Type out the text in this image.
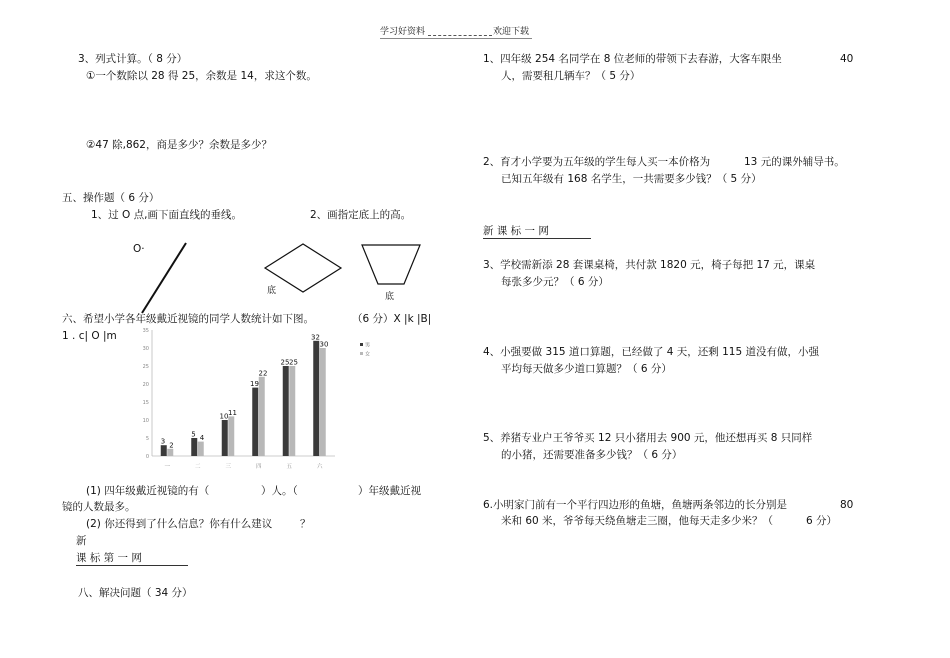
学习好资料	欢迎下载
3、列式计算。（ 8 分）
①一个数除以 28 得 25，余数是 14，求这个数。
②47 除,862，商是多少？余数是多少？
五、操作题（ 6 分）
1、过 O 点,画下面直线的垂线。	2、画指定底上的高。
O·
底
底
六、希望小学各年级戴近视镜的同学人数统计如下图。	（6 分）X |k |B|
1 . c| O |m
0
5
10
15
20
25
30
35
一
3 2
二
5 4
三
10 11
四
19
22
五
25 25
六
32
30	男
女
(1) 四年级戴近视镜的有（	）人。（	）年级戴近视
镜的人数最多。
(2) 你还得到了什么信息？你有什么建议	？
新
课 标 第 一 网
八、解决问题（ 34 分）
1、四年级 254 名同学在 8 位老师的带领下去春游，大客车限坐	40
人，需要租几辆车？（ 5 分）
2、育才小学要为五年级的学生每人买一本价格为	13 元的课外辅导书。
已知五年级有 168 名学生，一共需要多少钱？（ 5 分）
新 课 标 一 网
3、学校需新添 28 套课桌椅，共付款 1820 元，椅子每把 17 元，课桌
每张多少元？（ 6 分）
4、小强要做 315 道口算题，已经做了 4 天，还剩 115 道没有做，小强
平均每天做多少道口算题？（ 6 分）
5、养猪专业户王爷爷买 12 只小猪用去 900 元，他还想再买 8 只同样
的小猪，还需要准备多少钱？（ 6 分）
6.小明家门前有一个平行四边形的鱼塘，鱼塘两条邻边的长分别是	80
米和 60 米，爷爷每天绕鱼塘走三圈，他每天走多少米？（	6 分）
